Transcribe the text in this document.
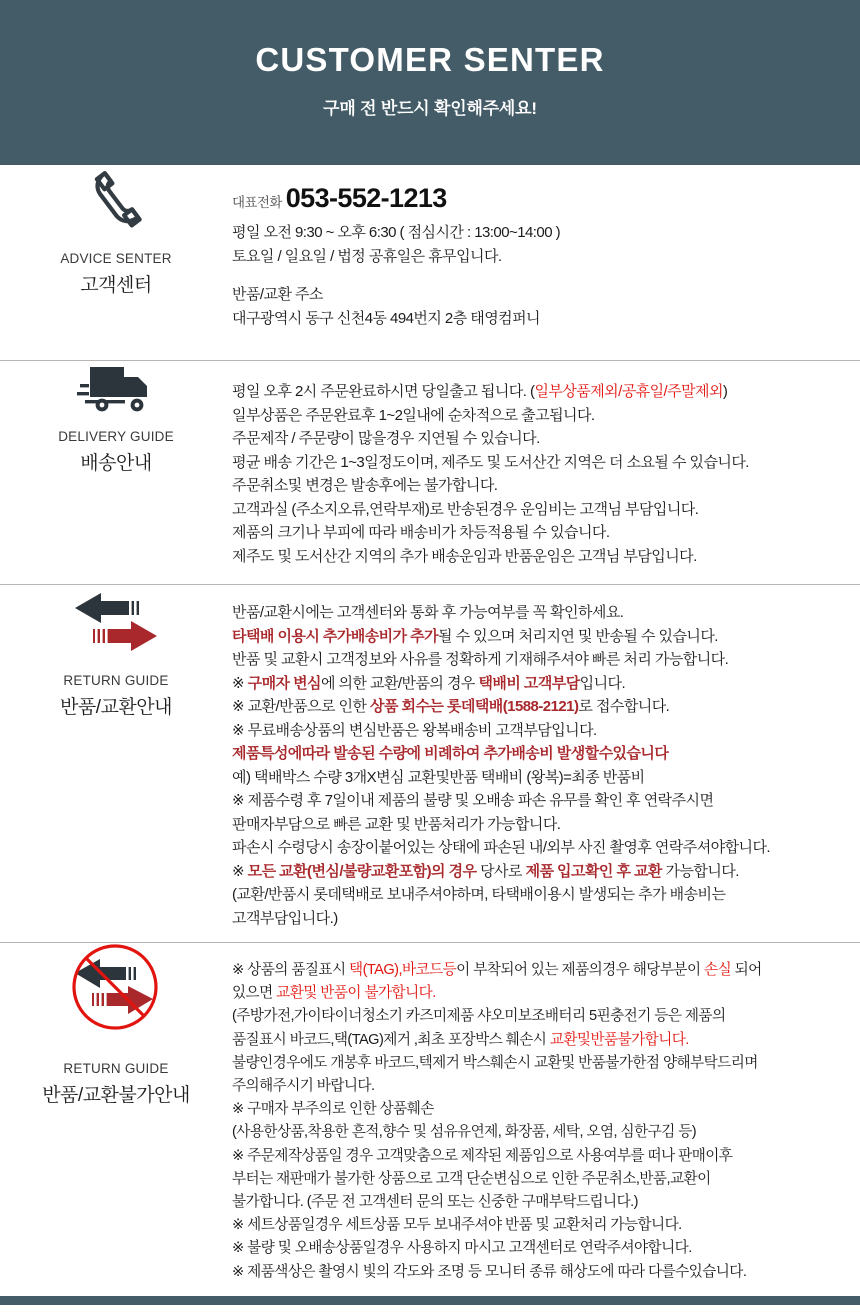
CUSTOMER SENTER
구매 전 반드시 확인해주세요!
ADVICE SENTER
고객센터
대표전화 053-552-1213
평일 오전 9:30 ~ 오후 6:30 ( 점심시간 : 13:00~14:00 )
토요일 / 일요일 / 법정 공휴일은 휴무입니다.
반품/교환 주소
대구광역시 동구 신천4동 494번지 2층 태영컴퍼니
DELIVERY GUIDE
배송안내
평일 오후 2시 주문완료하시면 당일출고 됩니다. (일부상품제외/공휴일/주말제외)
일부상품은 주문완료후 1~2일내에 순차적으로 출고됩니다.
주문제작 / 주문량이 많을경우 지연될 수 있습니다.
평균 배송 기간은 1~3일정도이며, 제주도 및 도서산간 지역은 더 소요될 수 있습니다.
주문취소및 변경은 발송후에는 불가합니다.
고객과실 (주소지오류,연락부재)로 반송된경우 운임비는 고객님 부담입니다.
제품의 크기나 부피에 따라 배송비가 차등적용될 수 있습니다.
제주도 및 도서산간 지역의 추가 배송운임과 반품운임은 고객님 부담입니다.
RETURN GUIDE
반품/교환안내
반품/교환시에는 고객센터와 통화 후 가능여부를 꼭 확인하세요.
타택배 이용시 추가배송비가 추가될 수 있으며 처리지연 및 반송될 수 있습니다.
반품 및 교환시 고객정보와 사유를 정확하게 기재해주셔야 빠른 처리 가능합니다.
※ 구매자 변심에 의한 교환/반품의 경우 택배비 고객부담입니다.
※ 교환/반품으로 인한 상품 회수는 롯데택배(1588-2121)로 접수합니다.
※ 무료배송상품의 변심반품은 왕복배송비 고객부담입니다.
제품특성에따라 발송된 수량에 비례하여 추가배송비 발생할수있습니다
예) 택배박스 수량 3개X변심 교환및반품 택배비 (왕복)=최종 반품비
※ 제품수령 후 7일이내 제품의 불량 및 오배송 파손 유무를 확인 후 연락주시면
판매자부담으로 빠른 교환 및 반품처리가 가능합니다.
파손시 수령당시 송장이붙어있는 상태에 파손된 내/외부 사진 촬영후 연락주셔야합니다.
※ 모든 교환(변심/불량교환포함)의 경우 당사로 제품 입고확인 후 교환 가능합니다.
(교환/반품시 롯데택배로 보내주셔야하며, 타택배이용시 발생되는 추가 배송비는
고객부담입니다.)
RETURN GUIDE
반품/교환불가안내
※ 상품의 품질표시 택(TAG),바코드등이 부착되어 있는 제품의경우 해당부분이 손실 되어
있으면 교환및 반품이 불가합니다.
(주방가전,가이타이너청소기 카즈미제품 샤오미보조배터리 5핀충전기 등은 제품의
품질표시 바코드,택(TAG)제거 ,최초 포장박스 훼손시 교환및반품불가합니다.
불량인경우에도 개봉후 바코드,텍제거 박스훼손시 교환및 반품불가한점 양해부탁드리며
주의해주시기 바랍니다.
※ 구매자 부주의로 인한 상품훼손
(사용한상품,착용한 흔적,향수 및 섬유유연제, 화장품, 세탁, 오염, 심한구김 등)
※ 주문제작상품일 경우 고객맞춤으로 제작된 제품임으로 사용여부를 떠나 판매이후
부터는 재판매가 불가한 상품으로 고객 단순변심으로 인한 주문취소,반품,교환이
불가합니다. (주문 전 고객센터 문의 또는 신중한 구매부탁드립니다.)
※ 세트상품일경우 세트상품 모두 보내주셔야 반품 및 교환처리 가능합니다.
※ 불량 및 오배송상품일경우 사용하지 마시고 고객센터로 연락주셔야합니다.
※ 제품색상은 촬영시 빛의 각도와 조명 등 모니터 종류 해상도에 따라 다를수있습니다.
